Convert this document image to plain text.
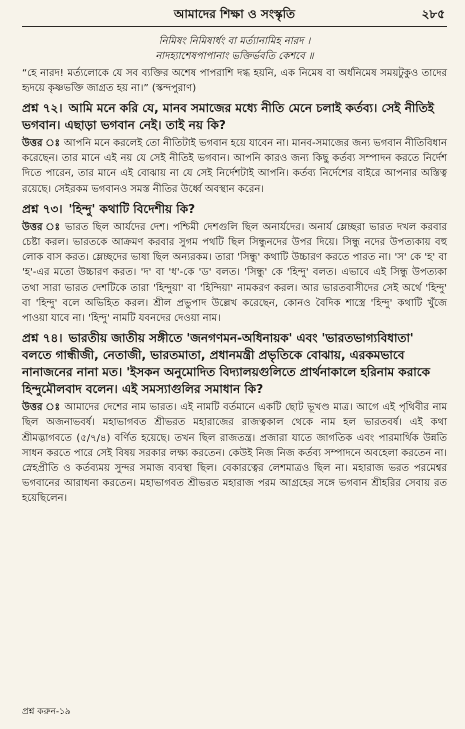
আমাদের শিক্ষা ও সংস্কৃতি	২৮৫
নিমিষং নিমিষার্ধং বা মর্ত্যানামিহ নারদ ।
নাদহ্যাশেষপাপানাং ভক্তির্ভবতি কেশবে ॥
“হে নারদ! মর্ত্যলোকে যে সব ব্যক্তির অশেষ পাপরাশি দগ্ধ হয়নি, এক নিমেষ বা অর্ধনিমেষ সময়টুকুও তাদের হৃদয়ে কৃষ্ণভক্তি জাগ্রত হয় না।” (স্কন্দপুরাণ)
প্রশ্ন ৭২। আমি মনে করি যে, মানব সমাজের মধ্যে নীতি মেনে চলাই কর্তব্য। সেই নীতিই ভগবান। এছাড়া ভগবান নেই। তাই নয় কি?
উত্তর ঃ আপনি মনে করলেই তো নীতিটাই ভগবান হয়ে যাবেন না। মানব-সমাজের জন্য ভগবান নীতিবিধান করেছেন। তার মানে এই নয় যে সেই নীতিই ভগবান। আপনি কারও জন্য কিছু কর্তব্য সম্পাদন করতে নির্দেশ দিতে পারেন, তার মানে এই বোঝায় না যে সেই নির্দেশটাই আপনি। কর্তব্য নির্দেশের বাইরে আপনার অস্তিত্ব রয়েছে। সেইরকম ভগবানও সমস্ত নীতির উর্ধ্বে অবস্থান করেন।
প্রশ্ন ৭৩। 'হিন্দু' কথাটি বিদেশীয় কি?
উত্তর ঃ ভারত ছিল আর্যদের দেশ। পশ্চিমী দেশগুলি ছিল অনার্যদের। অনার্য ম্লেচ্ছরা ভারত দখল করবার চেষ্টা করল। ভারতকে আক্রমণ করবার সুগম পথটি ছিল সিন্ধুনদের উপর দিয়ে। সিন্ধু নদের উপত্যকায় বহু লোক বাস করত। ম্লেচ্ছদের ভাষা ছিল অন্যরকম। তারা 'সিন্ধু' কথাটি উচ্চারণ করতে পারত না। 'স' কে 'হ' বা 'হ'-এর মতো উচ্চারণ করত। 'দ' বা 'ধ'-কে 'ড' বলত। 'সিন্ধু' কে 'হিন্দু' বলত। এভাবে এই সিন্ধু উপত্যকা তথা সারা ভারত দেশটিকে তারা 'হিন্দুয়া' বা 'হিন্দিয়া' নামকরণ করল। আর ভারতবাসীদের সেই অর্থে 'হিন্দু' বা 'হিন্দু' বলে অভিহিত করল। শ্রীল প্রভুপাদ উল্লেখ করেছেন, কোনও বৈদিক শাস্ত্রে 'হিন্দু' কথাটি খুঁজে পাওয়া যাবে না। 'হিন্দু' নামটি যবনদের দেওয়া নাম।
প্রশ্ন ৭৪। ভারতীয় জাতীয় সঙ্গীতে 'জনগণমন-অধিনায়ক' এবং 'ভারতভাগ্যবিধাতা' বলতে গান্ধীজী, নেতাজী, ভারতমাতা, প্রধানমন্ত্রী প্রভৃতিকে বোঝায়, এরকমভাবে নানাজনের নানা মত। 'ইসকন অনুমোদিত বিদ্যালয়গুলিতে প্রার্থনাকালে হরিনাম করাকে হিন্দুমৌলবাদ বলেন। এই সমস্যাগুলির সমাধান কি?
উত্তর ঃ আমাদের দেশের নাম ভারত। এই নামটি বর্তমানে একটি ছোট ভূখণ্ড মাত্র। আগে এই পৃথিবীর নাম ছিল অজনাভবর্ষ। মহাভাগবত শ্রীভরত মহারাজের রাজত্বকাল থেকে নাম হল ভারতবর্ষ। এই কথা শ্রীমদ্ভাগবতে (৫/৭/৪) বর্ণিত হয়েছে। তখন ছিল রাজতন্ত্র। প্রজারা যাতে জাগতিক এবং পারমার্থিক উন্নতি সাধন করতে পারে সেই বিষয় সরকার লক্ষ্য করতেন। কেউই নিজ নিজ কর্তব্য সম্পাদনে অবহেলা করতেন না। স্নেহপ্রীতি ও কর্তব্যময় সুন্দর সমাজ ব্যবস্থা ছিল। বেকারত্বের লেশমাত্রও ছিল না। মহারাজ ভরত পরমেশ্বর ভগবানের আরাধনা করতেন। মহাভাগবত শ্রীভরত মহারাজ পরম আগ্রহের সঙ্গে ভগবান শ্রীহরির সেবায় রত হয়েছিলেন।
প্রশ্ন করুন-১৯
